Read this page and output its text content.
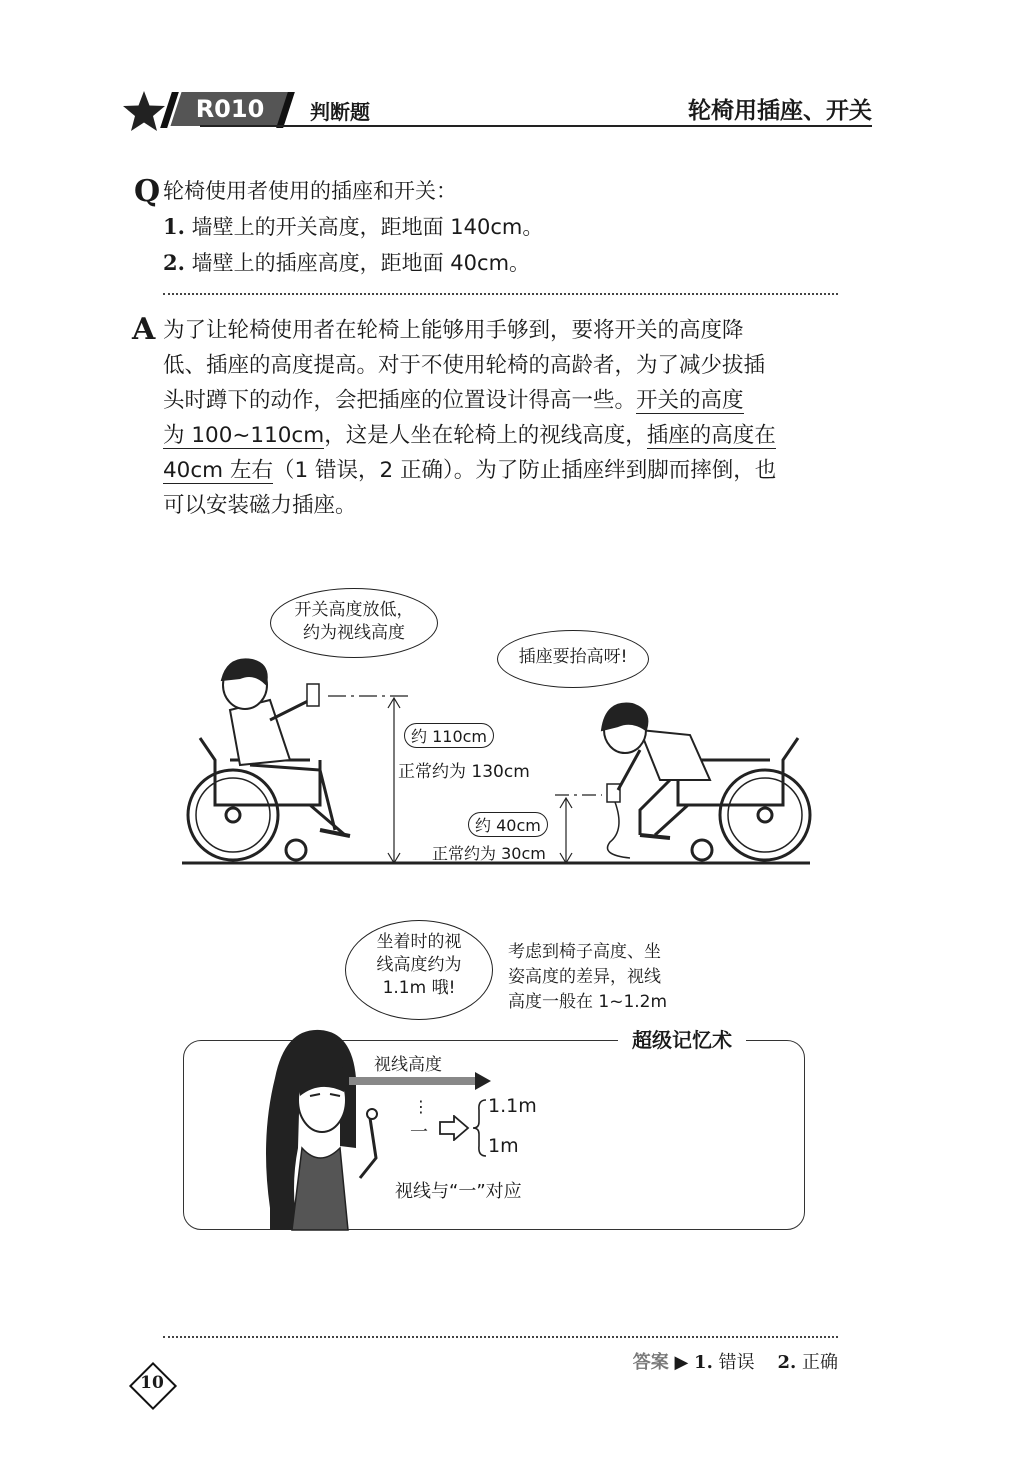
R010 判断题	轮椅用插座、开关
Q 轮椅使用者使用的插座和开关：
1. 墙壁上的开关高度，距地面 140cm。
2. 墙壁上的插座高度，距地面 40cm。
A 为了让轮椅使用者在轮椅上能够用手够到，要将开关的高度降
低、插座的高度提高。对于不使用轮椅的高龄者，为了减少拔插
头时蹲下的动作，会把插座的位置设计得高一些。开关的高度
为 100~110cm，这是人坐在轮椅上的视线高度，插座的高度在
40cm 左右（1 错误，2 正确）。为了防止插座绊到脚而摔倒，也
可以安装磁力插座。
开关高度放低，
约为视线高度
插座要抬高呀!
约 110cm
正常约为 130cm
约 40cm
正常约为 30cm
坐着时的视
线高度约为
1.1m 哦!
考虑到椅子高度、坐
姿高度的差异，视线
高度一般在 1~1.2m
超级记忆术
视线高度
⋮
一
1.1m
1m
视线与“一”对应
答案 ▶ 1. 错误 2. 正确
10
